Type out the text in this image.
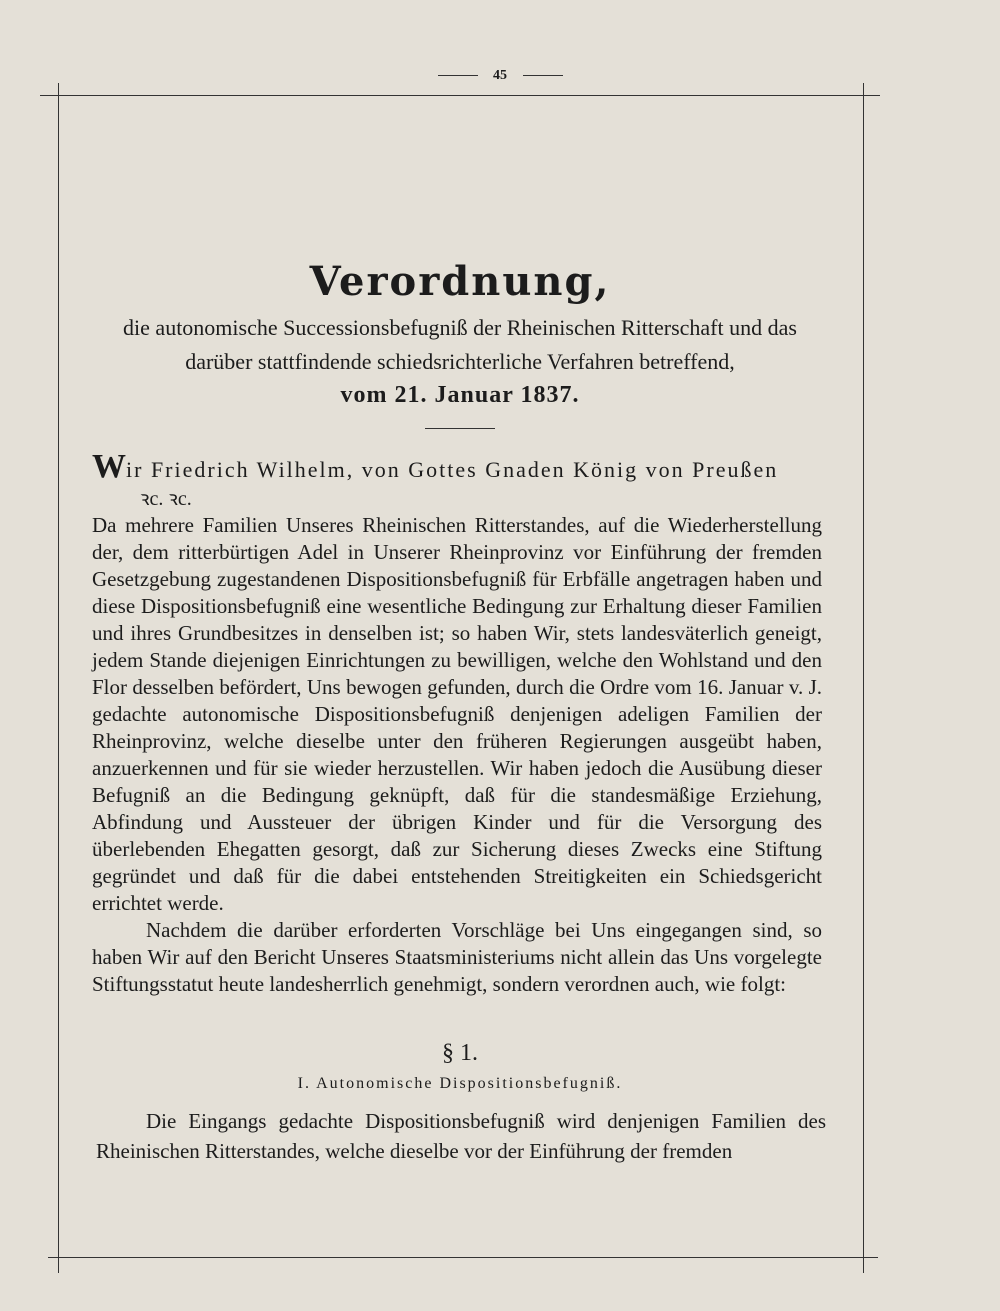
45
Verordnung,
die autonomische Successionsbefugniß der Rheinischen Ritterschaft und das
darüber stattfindende schiedsrichterliche Verfahren betreffend,
vom 21. Januar 1837.
Wir Friedrich Wilhelm, von Gottes Gnaden König von Preußen
ꝛc. ꝛc.

Da mehrere Familien Unseres Rheinischen Ritterstandes, auf die Wiederherstellung der, dem ritterbürtigen Adel in Unserer Rheinprovinz vor Einführung der fremden Gesetzgebung zugestandenen Dispositionsbefugniß für Erbfälle angetragen haben und diese Dispositionsbefugniß eine wesentliche Bedingung zur Erhaltung dieser Familien und ihres Grundbesitzes in denselben ist; so haben Wir, stets landesväterlich geneigt, jedem Stande diejenigen Einrichtungen zu bewilligen, welche den Wohlstand und den Flor desselben befördert, Uns bewogen gefunden, durch die Ordre vom 16. Januar v. J. gedachte autonomische Dispositionsbefugniß denjenigen adeligen Familien der Rheinprovinz, welche dieselbe unter den früheren Regierungen ausgeübt haben, anzuerkennen und für sie wieder herzustellen. Wir haben jedoch die Ausübung dieser Befugniß an die Bedingung geknüpft, daß für die standesmäßige Erziehung, Abfindung und Aussteuer der übrigen Kinder und für die Versorgung des überlebenden Ehegatten gesorgt, daß zur Sicherung dieses Zwecks eine Stiftung gegründet und daß für die dabei entstehenden Streitigkeiten ein Schiedsgericht errichtet werde.

Nachdem die darüber erforderten Vorschläge bei Uns eingegangen sind, so haben Wir auf den Bericht Unseres Staatsministeriums nicht allein das Uns vorgelegte Stiftungsstatut heute landesherrlich genehmigt, sondern verordnen auch, wie folgt:

§ 1.
I. Autonomische Dispositionsbefugniß.

Die Eingangs gedachte Dispositionsbefugniß wird denjenigen Familien des Rheinischen Ritterstandes, welche dieselbe vor der Einführung der fremden
